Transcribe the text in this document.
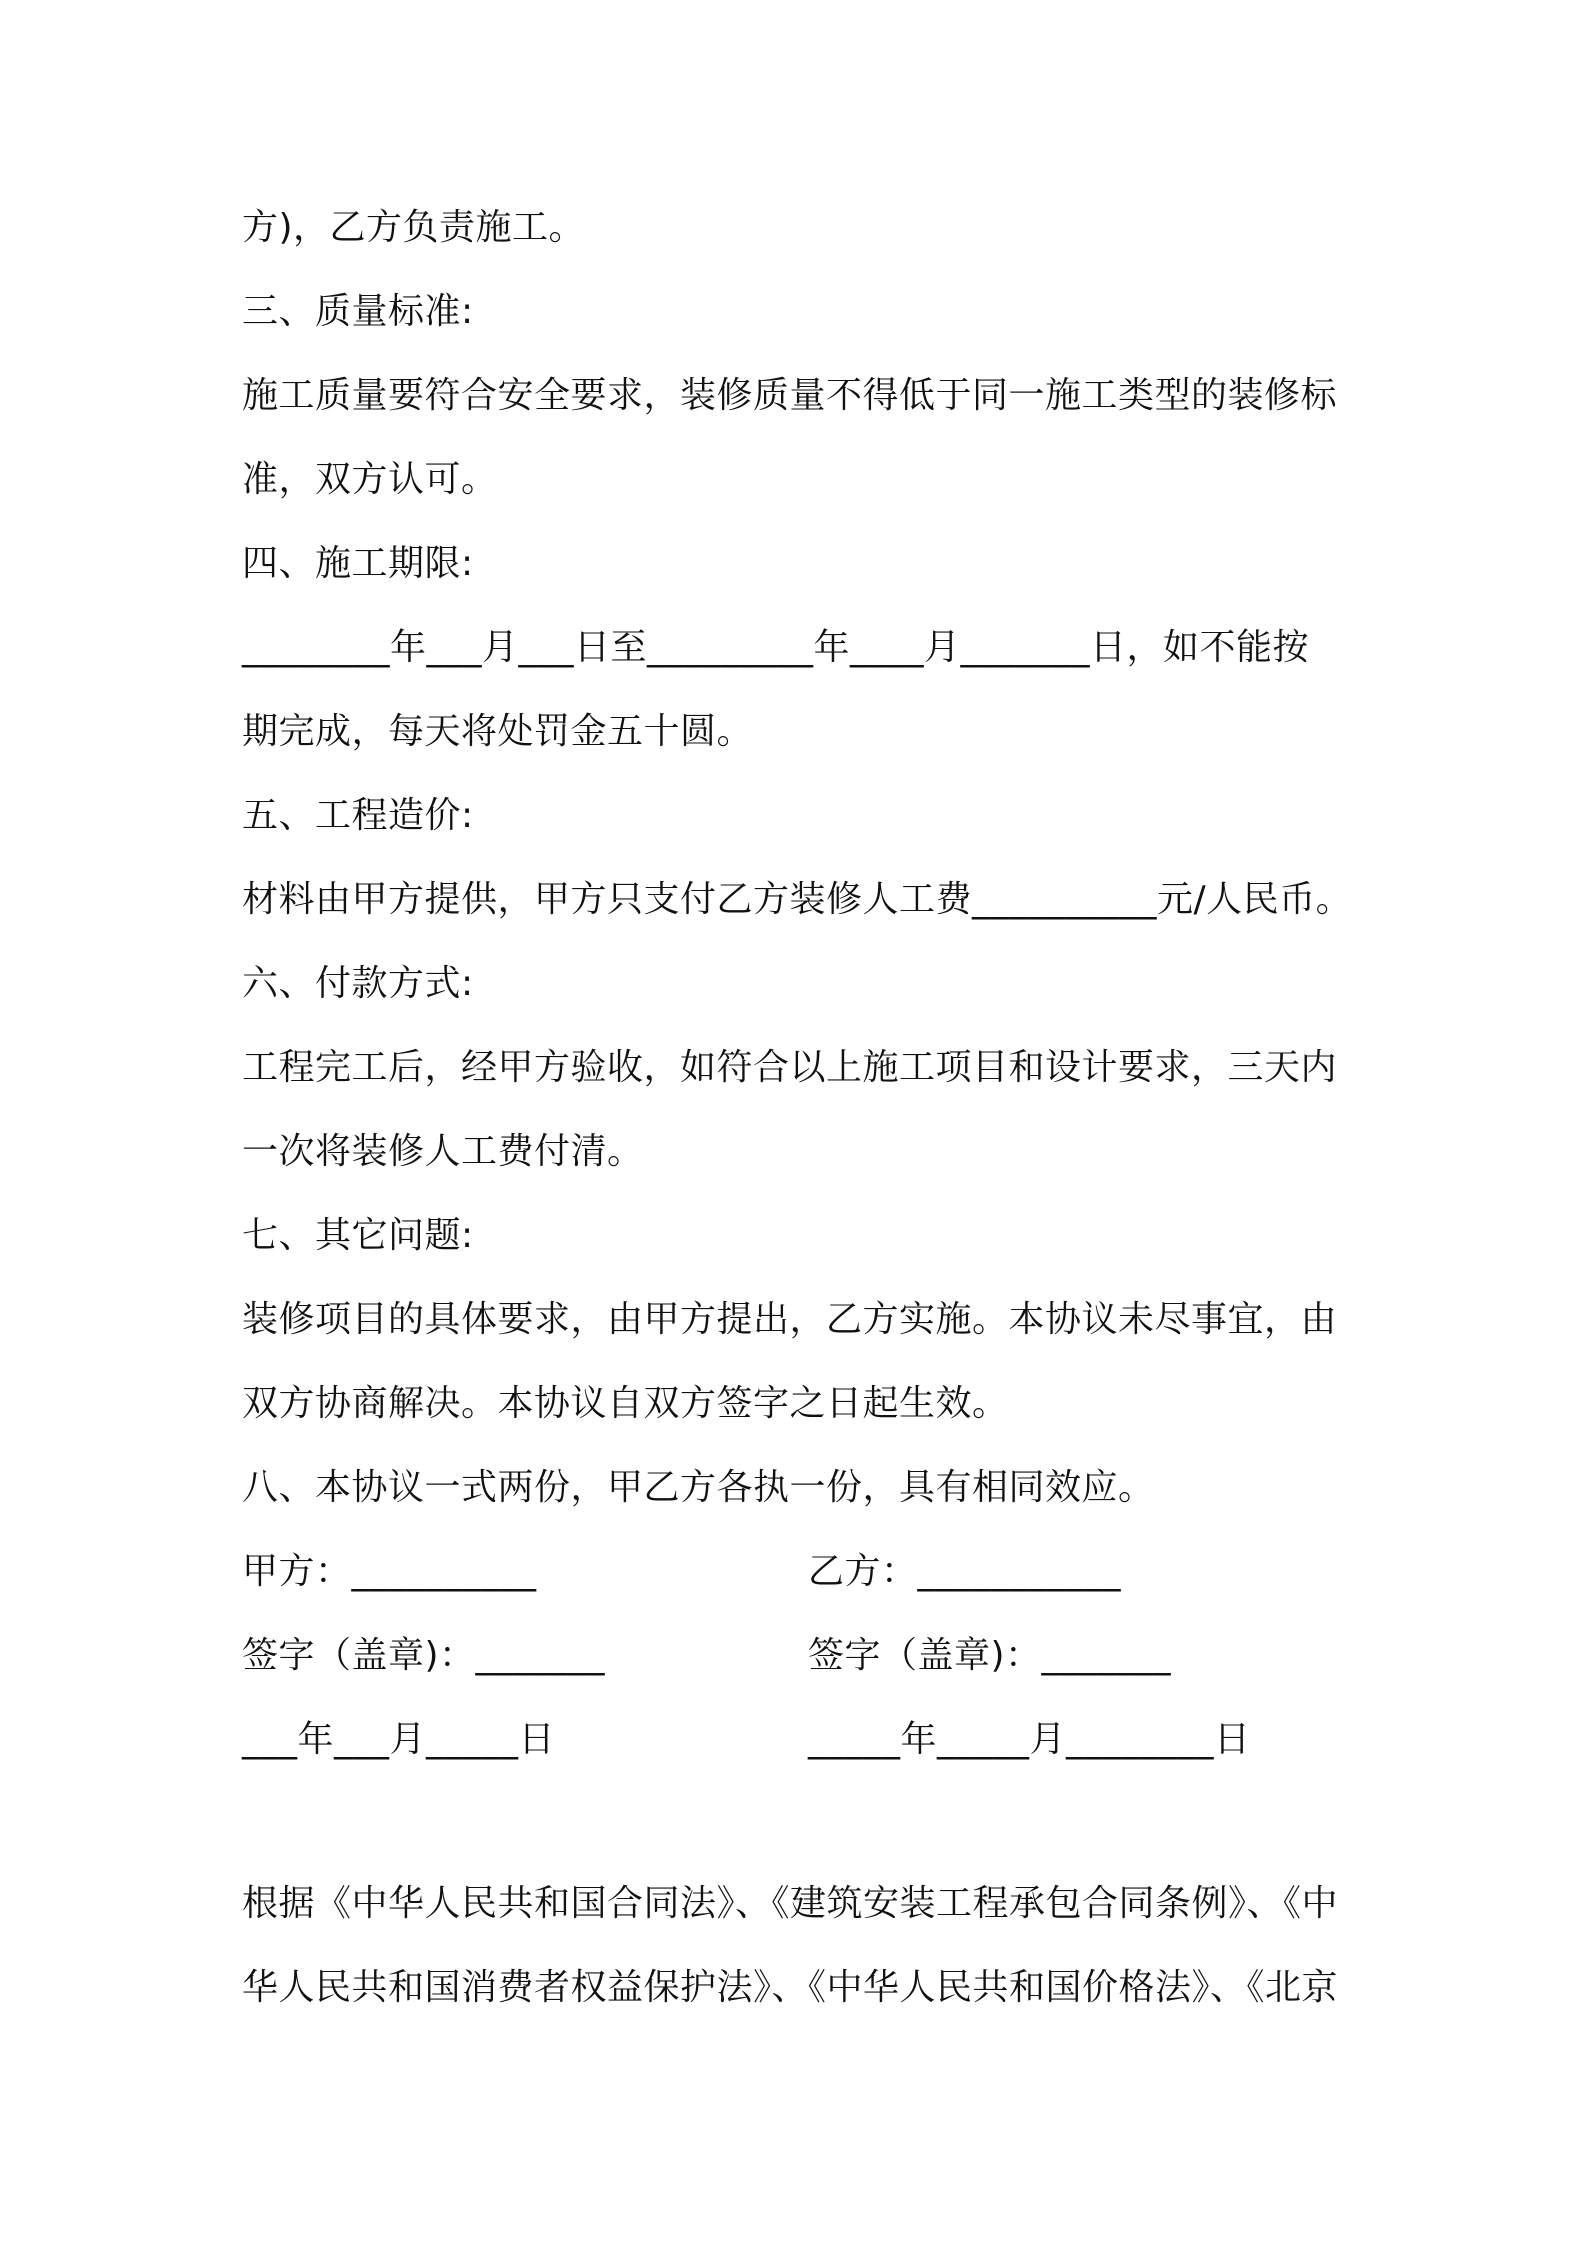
方)，乙方负责施工。
三、质量标准:
施工质量要符合安全要求，装修质量不得低于同一施工类型的装修标
准，双方认可。
四、施工期限:
________年___月___日至_________年____月_______日，如不能按
期完成，每天将处罚金五十圆。
五、工程造价:
材料由甲方提供，甲方只支付乙方装修人工费__________元/人民币。
六、付款方式:
工程完工后，经甲方验收，如符合以上施工项目和设计要求，三天内
一次将装修人工费付清。
七、其它问题:
装修项目的具体要求，由甲方提出，乙方实施。本协议未尽事宜，由
双方协商解决。本协议自双方签字之日起生效。
八、本协议一式两份，甲乙方各执一份，具有相同效应。
甲方：__________	乙方：___________
签字（盖章)：_______	签字（盖章)：_______
___年___月_____日	_____年_____月________日
根据《中华人民共和国合同法》、《建筑安装工程承包合同条例》、《中
华人民共和国消费者权益保护法》、《中华人民共和国价格法》、《北京
